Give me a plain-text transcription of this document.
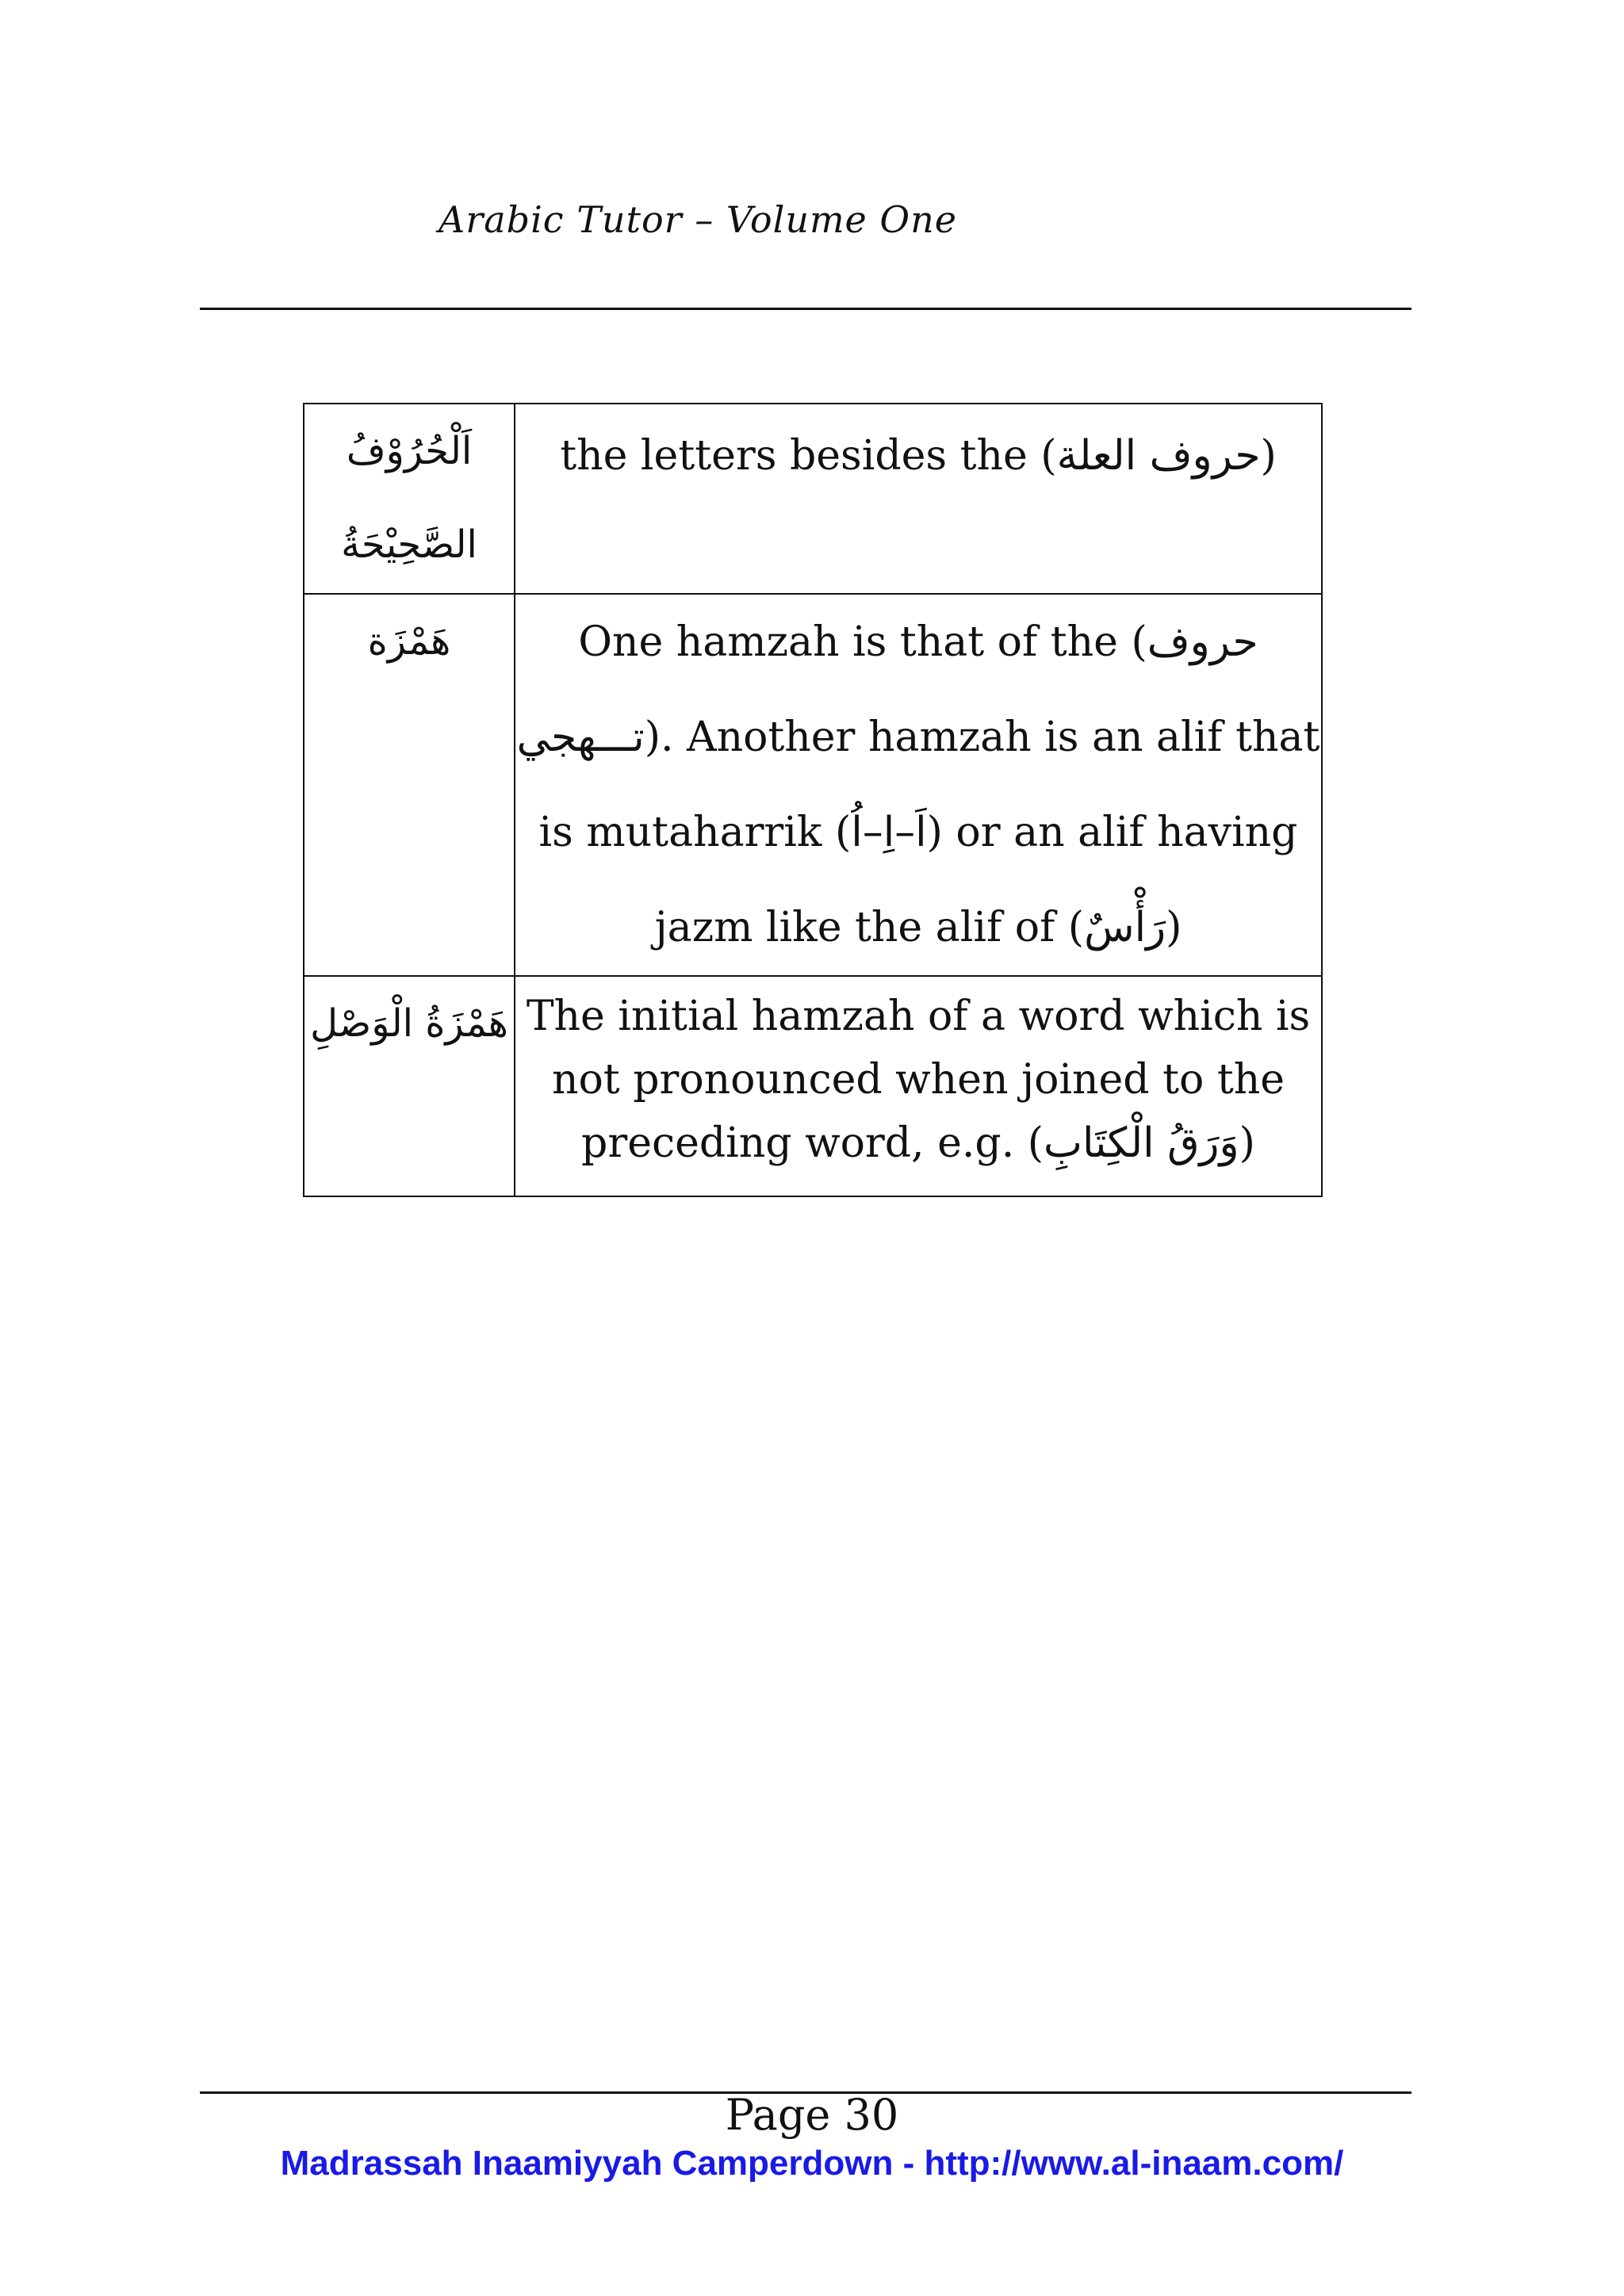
Arabic Tutor – Volume One
اَلْحُرُوْفُ الصَّحِيْحَةُ	the letters besides the (حروف العلة)
هَمْزَة	One hamzah is that of the (حروف تـــهجي). Another hamzah is an alif that is mutaharrik (اَ–اِ–اُ) or an alif having jazm like the alif of (رَأْسٌ)
هَمْزَةُ الْوَصْلِ	The initial hamzah of a word which is not pronounced when joined to the preceding word, e.g. (وَرَقُ الْكِتَابِ)
Page 30
Madrassah Inaamiyyah Camperdown - http://www.al-inaam.com/
